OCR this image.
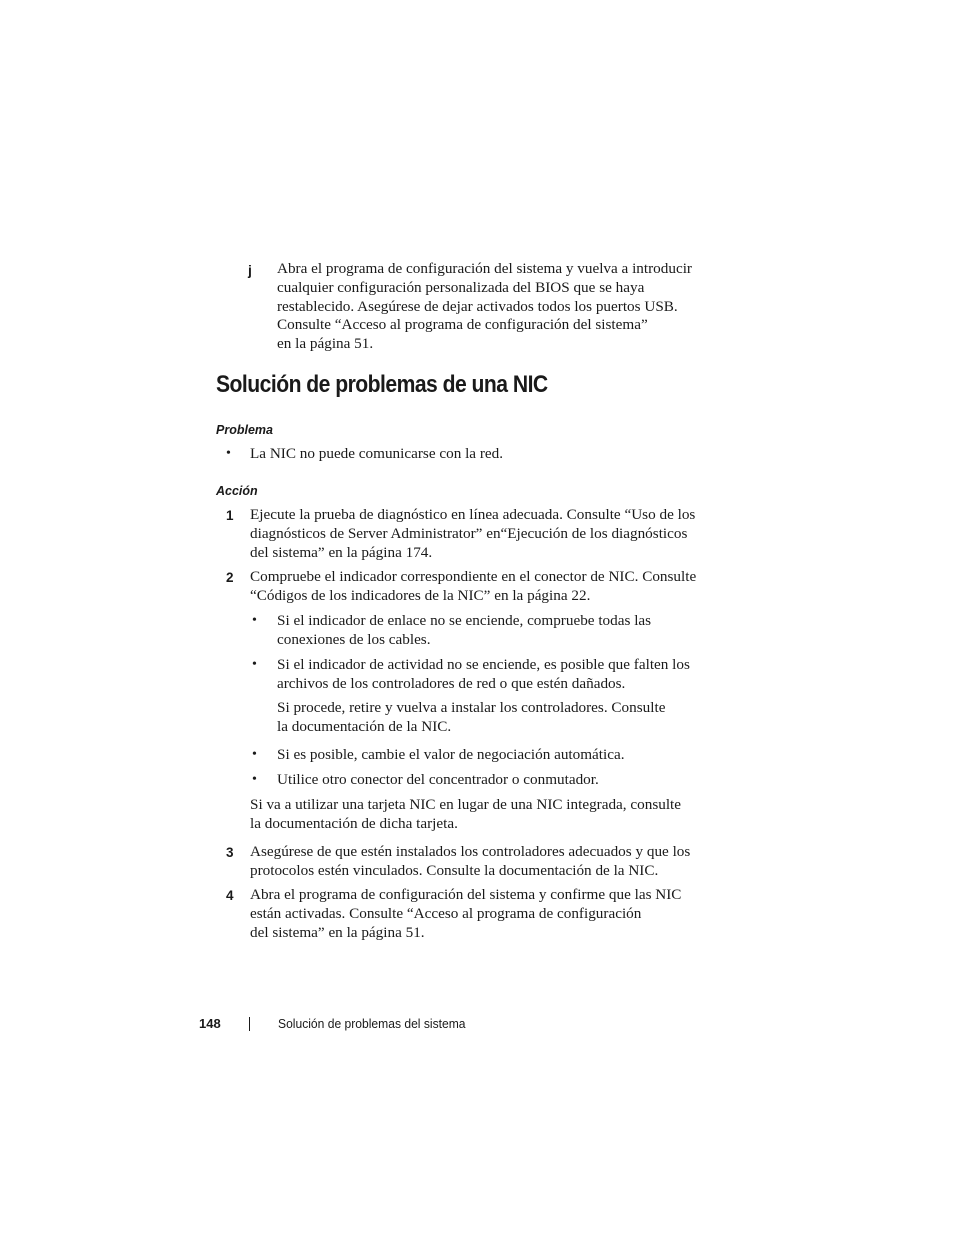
j Abra el programa de configuración del sistema y vuelva a introducir
cualquier configuración personalizada del BIOS que se haya
restablecido. Asegúrese de dejar activados todos los puertos USB.
Consulte “Acceso al programa de configuración del sistema”
en la página 51.
Solución de problemas de una NIC
Problema
• La NIC no puede comunicarse con la red.
Acción
1 Ejecute la prueba de diagnóstico en línea adecuada. Consulte “Uso de los
diagnósticos de Server Administrator” en“Ejecución de los diagnósticos
del sistema” en la página 174.
2 Compruebe el indicador correspondiente en el conector de NIC. Consulte
“Códigos de los indicadores de la NIC” en la página 22.
• Si el indicador de enlace no se enciende, compruebe todas las
conexiones de los cables.
• Si el indicador de actividad no se enciende, es posible que falten los
archivos de los controladores de red o que estén dañados.
Si procede, retire y vuelva a instalar los controladores. Consulte
la documentación de la NIC.
• Si es posible, cambie el valor de negociación automática.
• Utilice otro conector del concentrador o conmutador.
Si va a utilizar una tarjeta NIC en lugar de una NIC integrada, consulte
la documentación de dicha tarjeta.
3 Asegúrese de que estén instalados los controladores adecuados y que los
protocolos estén vinculados. Consulte la documentación de la NIC.
4 Abra el programa de configuración del sistema y confirme que las NIC
están activadas. Consulte “Acceso al programa de configuración
del sistema” en la página 51.
148	Solución de problemas del sistema
